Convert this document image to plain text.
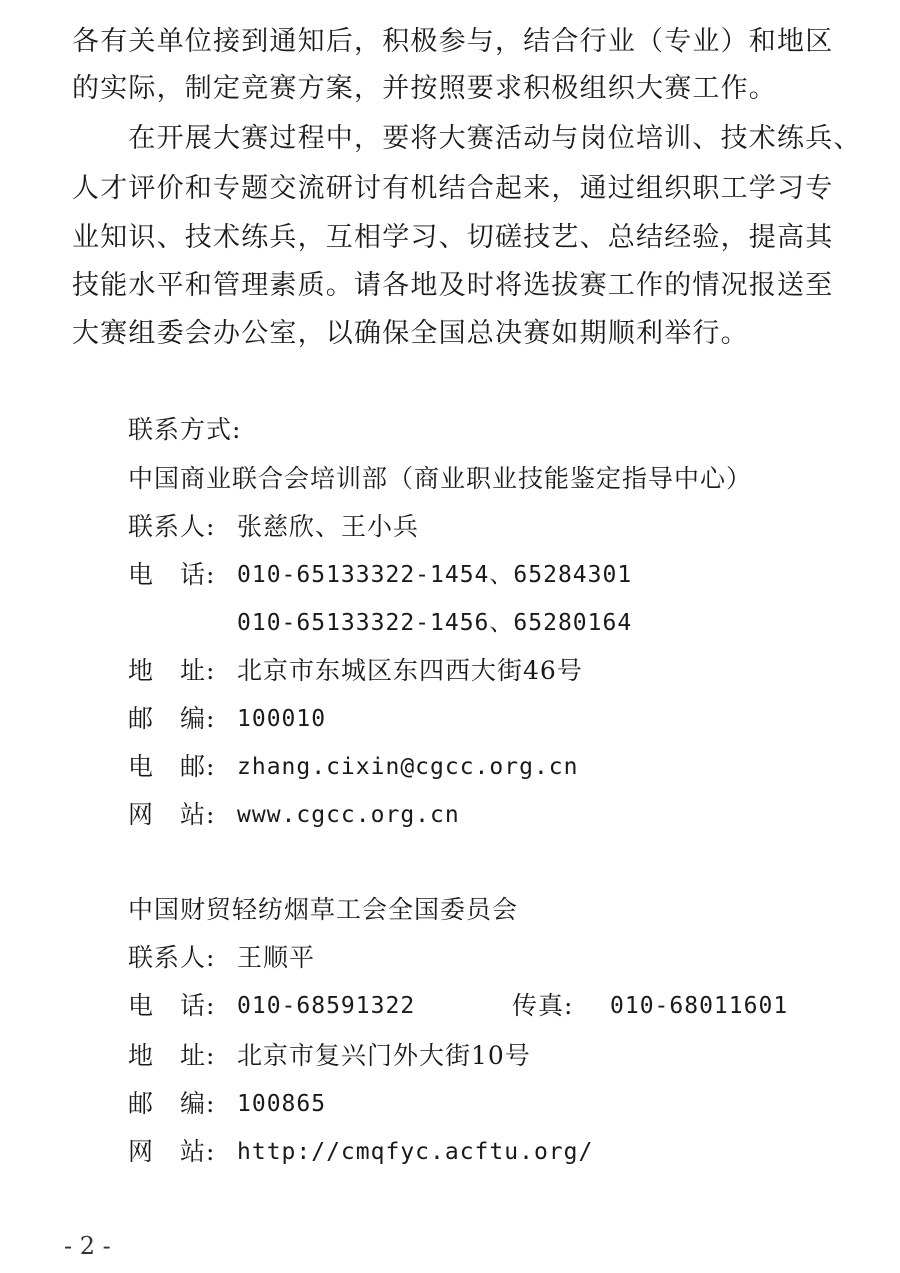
各有关单位接到通知后，积极参与，结合行业（专业）和地区
的实际，制定竞赛方案，并按照要求积极组织大赛工作。
　　在开展大赛过程中，要将大赛活动与岗位培训、技术练兵、
人才评价和专题交流研讨有机结合起来，通过组织职工学习专
业知识、技术练兵，互相学习、切磋技艺、总结经验，提高其
技能水平和管理素质。请各地及时将选拔赛工作的情况报送至
大赛组委会办公室，以确保全国总决赛如期顺利举行。
联系方式:
中国商业联合会培训部（商业职业技能鉴定指导中心）
联系人: 张慈欣、王小兵
电　话: 010-65133322-1454、65284301
010-65133322-1456、65280164
地　址: 北京市东城区东四西大街46号
邮　编: 100010
电　邮: zhang.cixin@cgcc.org.cn
网　站: www.cgcc.org.cn
中国财贸轻纺烟草工会全国委员会
联系人: 王顺平
电　话: 010-68591322	传真: 010-68011601
地　址: 北京市复兴门外大街10号
邮　编: 100865
网　站: http://cmqfyc.acftu.org/
- 2 -
